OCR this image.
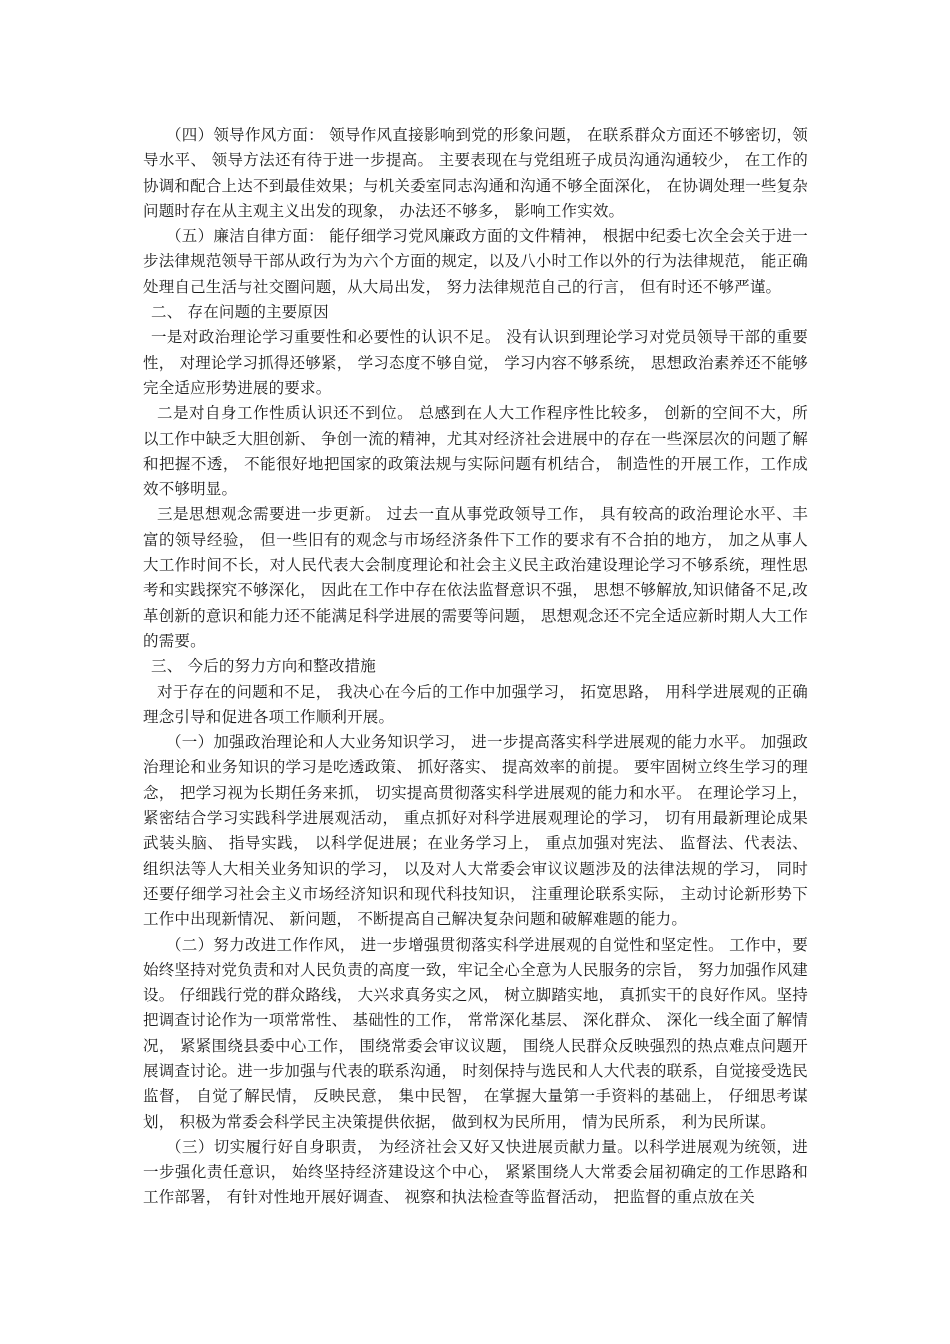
（四）领导作风方面： 领导作风直接影响到党的形象问题， 在联系群众方面还不够密切，领导水平、 领导方法还有待于进一步提高。 主要表现在与党组班子成员沟通沟通较少， 在工作的协调和配合上达不到最佳效果；与机关委室同志沟通和沟通不够全面深化， 在协调处理一些复杂问题时存在从主观主义出发的现象， 办法还不够多， 影响工作实效。

（五）廉洁自律方面： 能仔细学习党风廉政方面的文件精神， 根据中纪委七次全会关于进一步法律规范领导干部从政行为为六个方面的规定，以及八小时工作以外的行为法律规范， 能正确处理自己生活与社交圈问题，从大局出发， 努力法律规范自己的行言， 但有时还不够严谨。

二、 存在问题的主要原因

一是对政治理论学习重要性和必要性的认识不足。 没有认识到理论学习对党员领导干部的重要性， 对理论学习抓得还够紧， 学习态度不够自觉， 学习内容不够系统， 思想政治素养还不能够完全适应形势进展的要求。

二是对自身工作性质认识还不到位。 总感到在人大工作程序性比较多， 创新的空间不大，所以工作中缺乏大胆创新、 争创一流的精神，尤其对经济社会进展中的存在一些深层次的问题了解和把握不透， 不能很好地把国家的政策法规与实际问题有机结合， 制造性的开展工作，工作成效不够明显。

三是思想观念需要进一步更新。 过去一直从事党政领导工作， 具有较高的政治理论水平、丰富的领导经验， 但一些旧有的观念与市场经济条件下工作的要求有不合拍的地方， 加之从事人大工作时间不长，对人民代表大会制度理论和社会主义民主政治建设理论学习不够系统，理性思考和实践探究不够深化， 因此在工作中存在依法监督意识不强， 思想不够解放,知识储备不足,改革创新的意识和能力还不能满足科学进展的需要等问题， 思想观念还不完全适应新时期人大工作的需要。

三、 今后的努力方向和整改措施

对于存在的问题和不足， 我决心在今后的工作中加强学习， 拓宽思路， 用科学进展观的正确理念引导和促进各项工作顺利开展。

（一）加强政治理论和人大业务知识学习， 进一步提高落实科学进展观的能力水平。 加强政治理论和业务知识的学习是吃透政策、 抓好落实、 提高效率的前提。 要牢固树立终生学习的理念， 把学习视为长期任务来抓， 切实提高贯彻落实科学进展观的能力和水平。 在理论学习上， 紧密结合学习实践科学进展观活动， 重点抓好对科学进展观理论的学习， 切有用最新理论成果武装头脑、 指导实践， 以科学促进展；在业务学习上， 重点加强对宪法、 监督法、代表法、 组织法等人大相关业务知识的学习， 以及对人大常委会审议议题涉及的法律法规的学习， 同时还要仔细学习社会主义市场经济知识和现代科技知识， 注重理论联系实际， 主动讨论新形势下工作中出现新情况、 新问题， 不断提高自己解决复杂问题和破解难题的能力。

（二）努力改进工作作风， 进一步增强贯彻落实科学进展观的自觉性和坚定性。 工作中，要始终坚持对党负责和对人民负责的高度一致，牢记全心全意为人民服务的宗旨， 努力加强作风建设。 仔细践行党的群众路线， 大兴求真务实之风， 树立脚踏实地， 真抓实干的良好作风。坚持把调查讨论作为一项常常性、 基础性的工作， 常常深化基层、 深化群众、 深化一线全面了解情况， 紧紧围绕县委中心工作， 围绕常委会审议议题， 围绕人民群众反映强烈的热点难点问题开展调查讨论。进一步加强与代表的联系沟通， 时刻保持与选民和人大代表的联系，自觉接受选民监督， 自觉了解民情， 反映民意， 集中民智， 在掌握大量第一手资料的基础上， 仔细思考谋划， 积极为常委会科学民主决策提供依据， 做到权为民所用， 情为民所系， 利为民所谋。

（三）切实履行好自身职责， 为经济社会又好又快进展贡献力量。以科学进展观为统领，进一步强化责任意识， 始终坚持经济建设这个中心， 紧紧围绕人大常委会届初确定的工作思路和工作部署， 有针对性地开展好调查、 视察和执法检查等监督活动， 把监督的重点放在关
